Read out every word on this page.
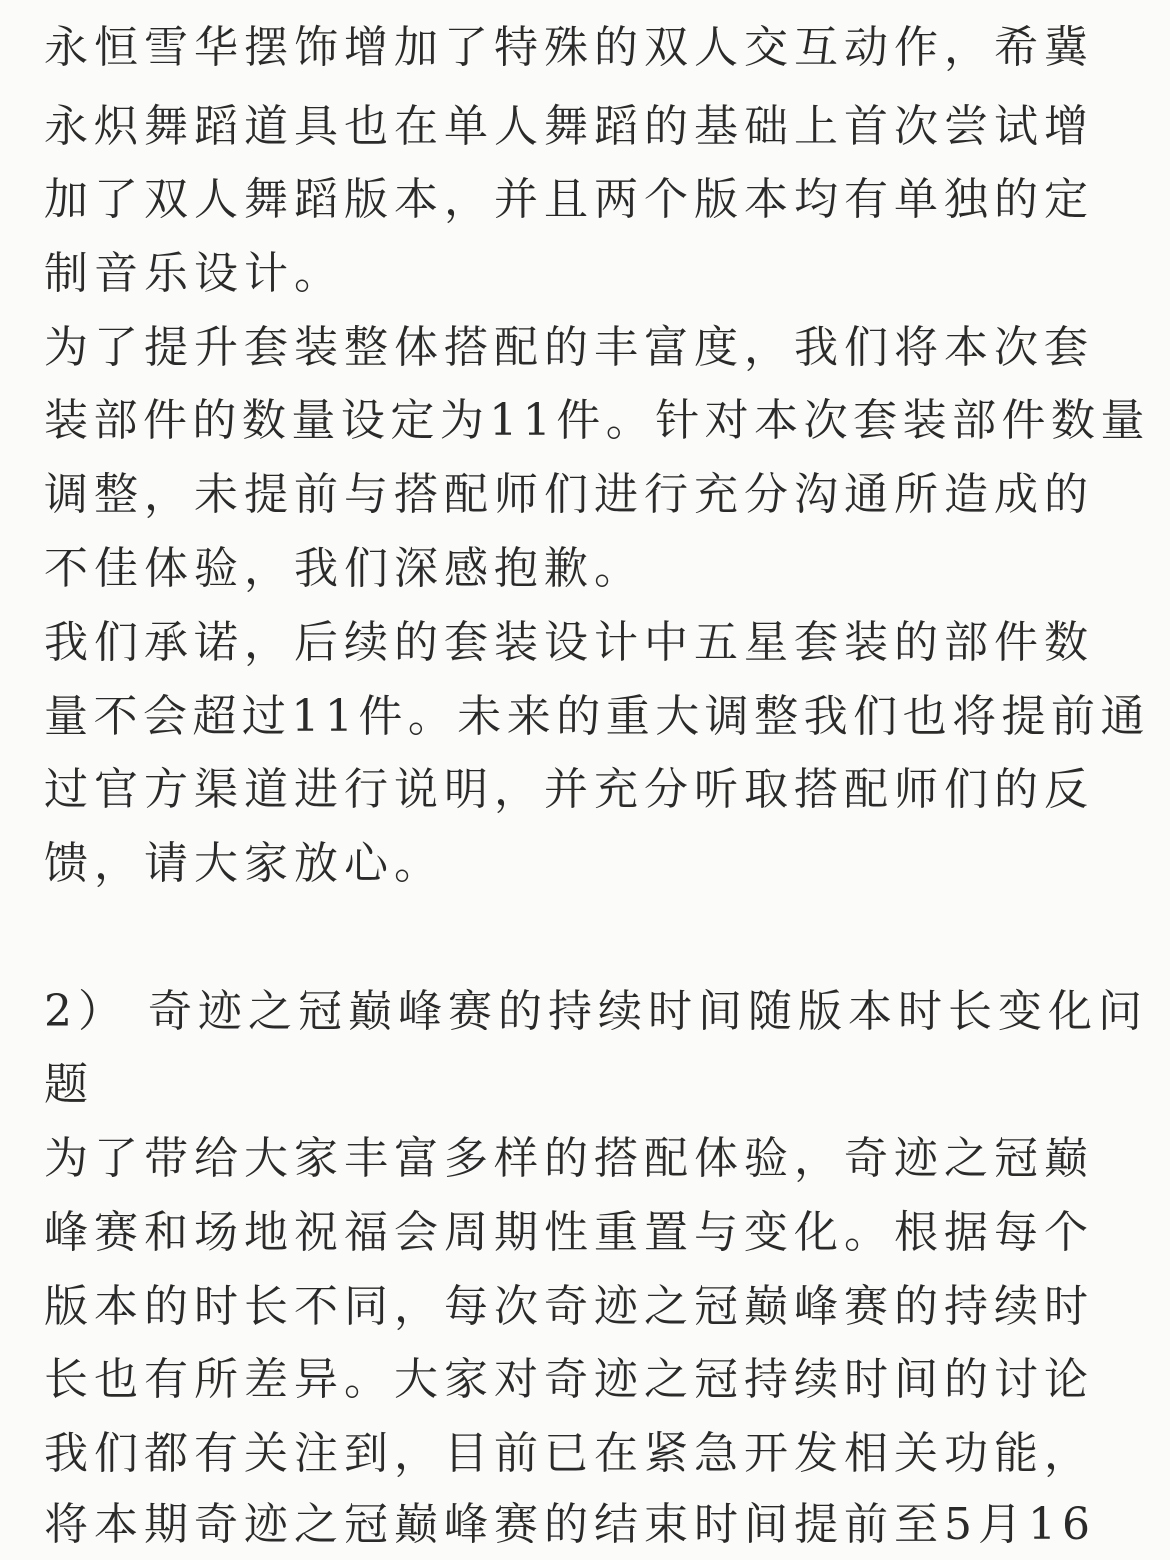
永恒雪华摆饰增加了特殊的双人交互动作，希冀
永炽舞蹈道具也在单人舞蹈的基础上首次尝试增
加了双人舞蹈版本，并且两个版本均有单独的定
制音乐设计。
为了提升套装整体搭配的丰富度，我们将本次套
装部件的数量设定为11件。针对本次套装部件数量
调整，未提前与搭配师们进行充分沟通所造成的
不佳体验，我们深感抱歉。
我们承诺，后续的套装设计中五星套装的部件数
量不会超过11件。未来的重大调整我们也将提前通
过官方渠道进行说明，并充分听取搭配师们的反
馈，请大家放心。
2） 奇迹之冠巅峰赛的持续时间随版本时长变化问
题
为了带给大家丰富多样的搭配体验，奇迹之冠巅
峰赛和场地祝福会周期性重置与变化。根据每个
版本的时长不同，每次奇迹之冠巅峰赛的持续时
长也有所差异。大家对奇迹之冠持续时间的讨论
我们都有关注到，目前已在紧急开发相关功能，
将本期奇迹之冠巅峰赛的结束时间提前至5月16
